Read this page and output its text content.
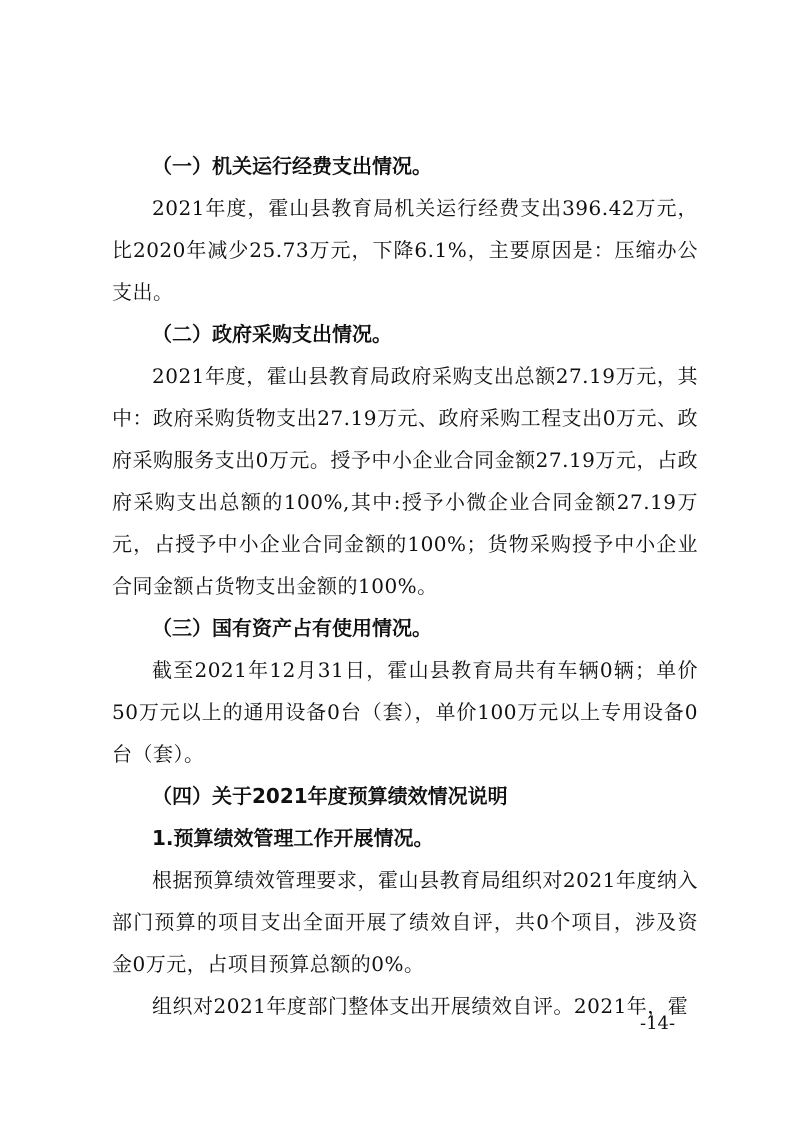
（一）机关运行经费支出情况。

2021年度，霍山县教育局机关运行经费支出396.42万元，比2020年减少25.73万元，下降6.1%，主要原因是：压缩办公支出。

（二）政府采购支出情况。

2021年度，霍山县教育局政府采购支出总额27.19万元，其中：政府采购货物支出27.19万元、政府采购工程支出0万元、政府采购服务支出0万元。授予中小企业合同金额27.19万元，占政府采购支出总额的100%,其中:授予小微企业合同金额27.19万元，占授予中小企业合同金额的100%；货物采购授予中小企业合同金额占货物支出金额的100%。

（三）国有资产占有使用情况。

截至2021年12月31日，霍山县教育局共有车辆0辆；单价50万元以上的通用设备0台（套），单价100万元以上专用设备0台（套）。

（四）关于2021年度预算绩效情况说明

1.预算绩效管理工作开展情况。

根据预算绩效管理要求，霍山县教育局组织对2021年度纳入部门预算的项目支出全面开展了绩效自评，共0个项目，涉及资金0万元，占项目预算总额的0%。

组织对2021年度部门整体支出开展绩效自评。2021年，霍

-14-
